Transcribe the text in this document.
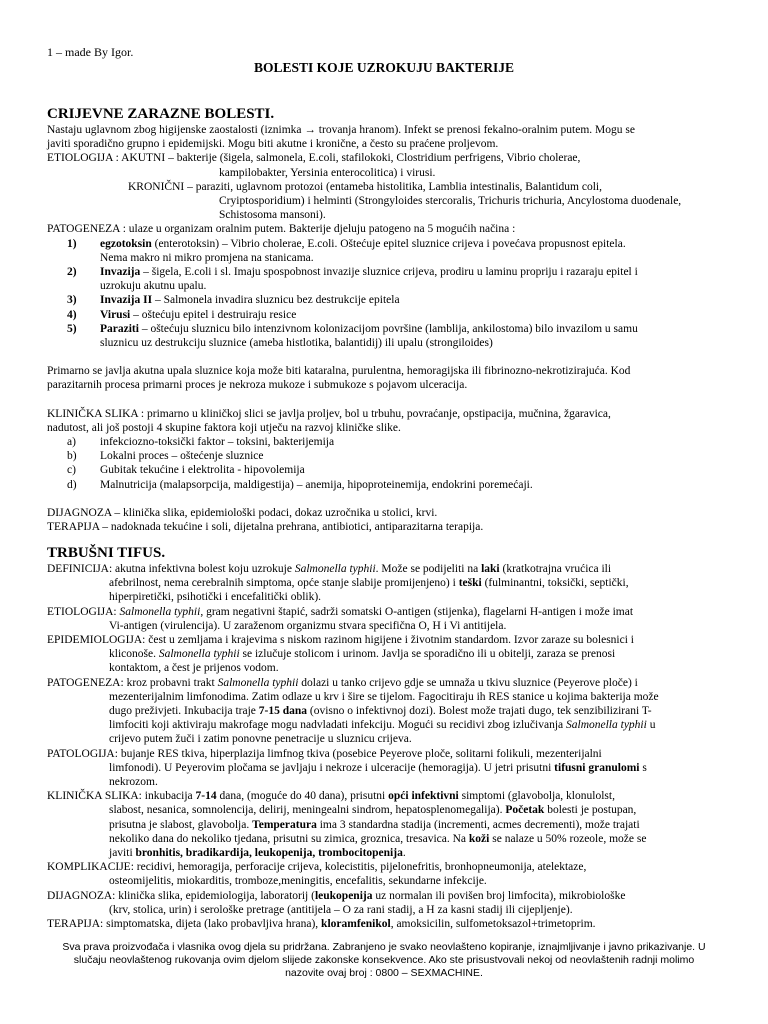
1 – made By Igor.
BOLESTI KOJE UZROKUJU BAKTERIJE
CRIJEVNE ZARAZNE BOLESTI.

Nastaju uglavnom zbog higijenske zaostalosti (iznimka → trovanja hranom). Infekt se prenosi fekalno-oralnim putem. Mogu se

javiti sporadično grupno i epidemijski. Mogu biti akutne i kronične, a često su praćene proljevom.

ETIOLOGIJA : AKUTNI – bakterije (šigela, salmonela, E.coli, stafilokoki, Clostridium perfrigens, Vibrio cholerae,

kampilobakter, Yersinia enterocolitica) i virusi.

KRONIČNI – paraziti, uglavnom protozoi (entameba histolitika, Lamblia intestinalis, Balantidum coli,

Cryiptosporidium) i helminti (Strongyloides stercoralis, Trichuris trichuria, Ancylostoma duodenale,

Schistosoma mansoni).

PATOGENEZA : ulaze u organizam oralnim putem. Bakterije djeluju patogeno na 5 mogućih načina :

1)	egzotoksin (enterotoksin) – Vibrio cholerae, E.coli. Oštećuje epitel sluznice crijeva i povećava propusnost epitela.
Nema makro ni mikro promjena na stanicama.
2)	Invazija – šigela, E.coli i sl. Imaju spospobnost invazije sluznice crijeva, prodiru u laminu propriju i razaraju epitel i
uzrokuju akutnu upalu.
3)	Invazija II – Salmonela invadira sluznicu bez destrukcije epitela
4)	Virusi – oštećuju epitel i destruiraju resice
5)	Paraziti – oštećuju sluznicu bilo intenzivnom kolonizacijom površine (lamblija, ankilostoma) bilo invazilom u samu
sluznicu uz destrukciju sluznice (ameba histlotika, balantidij) ili upalu (strongiloides)

Primarno se javlja akutna upala sluznice koja može biti kataralna, purulentna, hemoragijska ili fibrinozno-nekrotizirajuća. Kod

parazitarnih procesa primarni proces je nekroza mukoze i submukoze s pojavom ulceracija.

KLINIČKA SLIKA : primarno u kliničkoj slici se javlja proljev, bol u trbuhu, povraćanje, opstipacija, mučnina, žgaravica,

nadutost, ali još postoji 4 skupine faktora koji utječu na razvoj kliničke slike.

a)	infekciozno-toksički faktor – toksini, bakterijemija
b)	Lokalni proces – oštećenje sluznice
c)	Gubitak tekućine i elektrolita - hipovolemija
d)	Malnutricija (malapsorpcija, maldigestija) – anemija, hipoproteinemija, endokrini poremećaji.

DIJAGNOZA – klinička slika, epidemiološki podaci, dokaz uzročnika u stolici, krvi.

TERAPIJA – nadoknada tekućine i soli, dijetalna prehrana, antibiotici, antiparazitarna terapija.

TRBUŠNI TIFUS.

DEFINICIJA: akutna infektivna bolest koju uzrokuje Salmonella typhii. Može se podijeliti na laki (kratkotrajna vrućica ili

afebrilnost, nema cerebralnih simptoma, opće stanje slabije promijenjeno) i teški (fulminantni, toksički, septički,

hiperpiretički, psihotički i encefalitički oblik).

ETIOLOGIJA: Salmonella typhii, gram negativni štapić, sadrži somatski O-antigen (stijenka), flagelarni H-antigen i može imat

Vi-antigen (virulencija). U zaraženom organizmu stvara specifična O, H i Vi antitijela.

EPIDEMIOLOGIJA: čest u zemljama i krajevima s niskom razinom higijene i životnim standardom. Izvor zaraze su bolesnici i

kliconoše. Salmonella typhii se izlučuje stolicom i urinom. Javlja se sporadično ili u obitelji, zaraza se prenosi

kontaktom, a čest je prijenos vodom.

PATOGENEZA: kroz probavni trakt Salmonella typhii dolazi u tanko crijevo gdje se umnaža u tkivu sluznice (Peyerove ploče) i

mezenterijalnim limfonodima. Zatim odlaze u krv i šire se tijelom. Fagocitiraju ih RES stanice u kojima bakterija može

dugo preživjeti. Inkubacija traje 7-15 dana (ovisno o infektivnoj dozi). Bolest može trajati dugo, tek senzibilizirani T-

limfociti koji aktiviraju makrofage mogu nadvladati infekciju. Mogući su recidivi zbog izlučivanja Salmonella typhii u

crijevo putem žuči i zatim ponovne penetracije u sluznicu crijeva.

PATOLOGIJA: bujanje RES tkiva, hiperplazija limfnog tkiva (posebice Peyerove ploče, solitarni folikuli, mezenterijalni

limfonodi). U Peyerovim pločama se javljaju i nekroze i ulceracije (hemoragija). U jetri prisutni tifusni granulomi s

nekrozom.

KLINIČKA SLIKA: inkubacija 7-14 dana, (moguće do 40 dana), prisutni opći infektivni simptomi (glavobolja, klonulolst,

slabost, nesanica, somnolencija, delirij, meningealni sindrom, hepatosplenomegalija). Početak bolesti je postupan,

prisutna je slabost, glavobolja. Temperatura ima 3 standardna stadija (incrementi, acmes decrementi), može trajati

nekoliko dana do nekoliko tjedana, prisutni su zimica, groznica, tresavica. Na koži se nalaze u 50% rozeole, može se

javiti bronhitis, bradikardija, leukopenija, trombocitopenija.

KOMPLIKACIJE: recidivi, hemoragija, perforacije crijeva, kolecistitis, pijelonefritis, bronhopneumonija, atelektaze,

osteomijelitis, miokarditis, tromboze,meningitis, encefalitis, sekundarne infekcije.

DIJAGNOZA: klinička slika, epidemiologija, laboratorij (leukopenija uz normalan ili povišen broj limfocita), mikrobiološke

(krv, stolica, urin) i serološke pretrage (antitijela – O za rani stadij, a H za kasni stadij ili cijepljenje).

TERAPIJA: simptomatska, dijeta (lako probavljiva hrana), kloramfenikol, amoksicilin, sulfometoksazol+trimetoprim.

Sva prava proizvođača i vlasnika ovog djela su pridržana. Zabranjeno je svako neovlašteno kopiranje, iznajmljivanje i javno prikazivanje. U
slučaju neovlaštenog rukovanja ovim djelom slijede zakonske konsekvence. Ako ste prisustvovali nekoj od neovlaštenih radnji molimo
nazovite ovaj broj : 0800 – SEXMACHINE.
